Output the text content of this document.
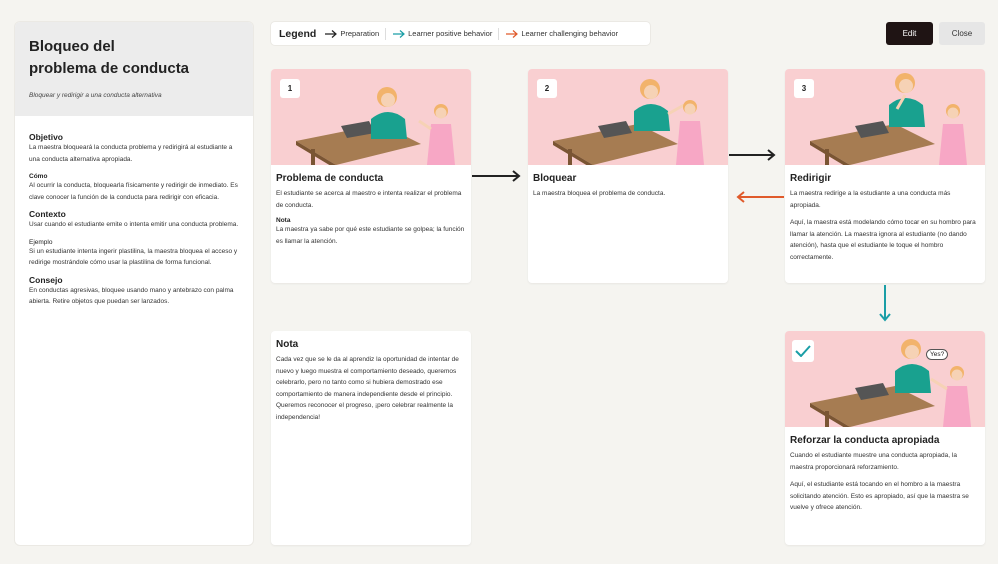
Bloqueo del
problema de conducta
Bloquear y redirigir a una conducta alternativa
Objetivo
La maestra bloqueará la conducta problema y redirigirá al estudiante a una conducta alternativa apropiada.
Cómo
Al ocurrir la conducta, bloquearla físicamente y redirigir de inmediato. Es clave conocer la función de la conducta para redirigir con eficacia.
Contexto
Usar cuando el estudiante emite o intenta emitir una conducta problema.
Ejemplo
Si un estudiante intenta ingerir plastilina, la maestra bloquea el acceso y redirige mostrándole cómo usar la plastilina de forma funcional.
Consejo
En conductas agresivas, bloquee usando mano y antebrazo con palma abierta. Retire objetos que puedan ser lanzados.
Legend	Preparation	Learner positive behavior	Learner challenging behavior	Edit	Close
1
Problema de conducta
El estudiante se acerca al maestro e intenta realizar el problema de conducta.
Nota
La maestra ya sabe por qué este estudiante se golpea; la función es llamar la atención.
2
Bloquear
La maestra bloquea el problema de conducta.
3
Redirigir
La maestra redirige a la estudiante a una conducta más apropiada.
Aquí, la maestra está modelando cómo tocar en su hombro para llamar la atención. La maestra ignora al estudiante (no dando atención), hasta que el estudiante le toque el hombro correctamente.
Nota
Cada vez que se le da al aprendiz la oportunidad de intentar de nuevo y luego muestra el comportamiento deseado, queremos celebrarlo, pero no tanto como si hubiera demostrado ese comportamiento de manera independiente desde el principio. Queremos reconocer el progreso, ¡pero celebrar realmente la independencia!
Yes?
Reforzar la conducta apropiada
Cuando el estudiante muestre una conducta apropiada, la maestra proporcionará reforzamiento.
Aquí, el estudiante está tocando en el hombro a la maestra solicitando atención. Esto es apropiado, así que la maestra se vuelve y ofrece atención.
